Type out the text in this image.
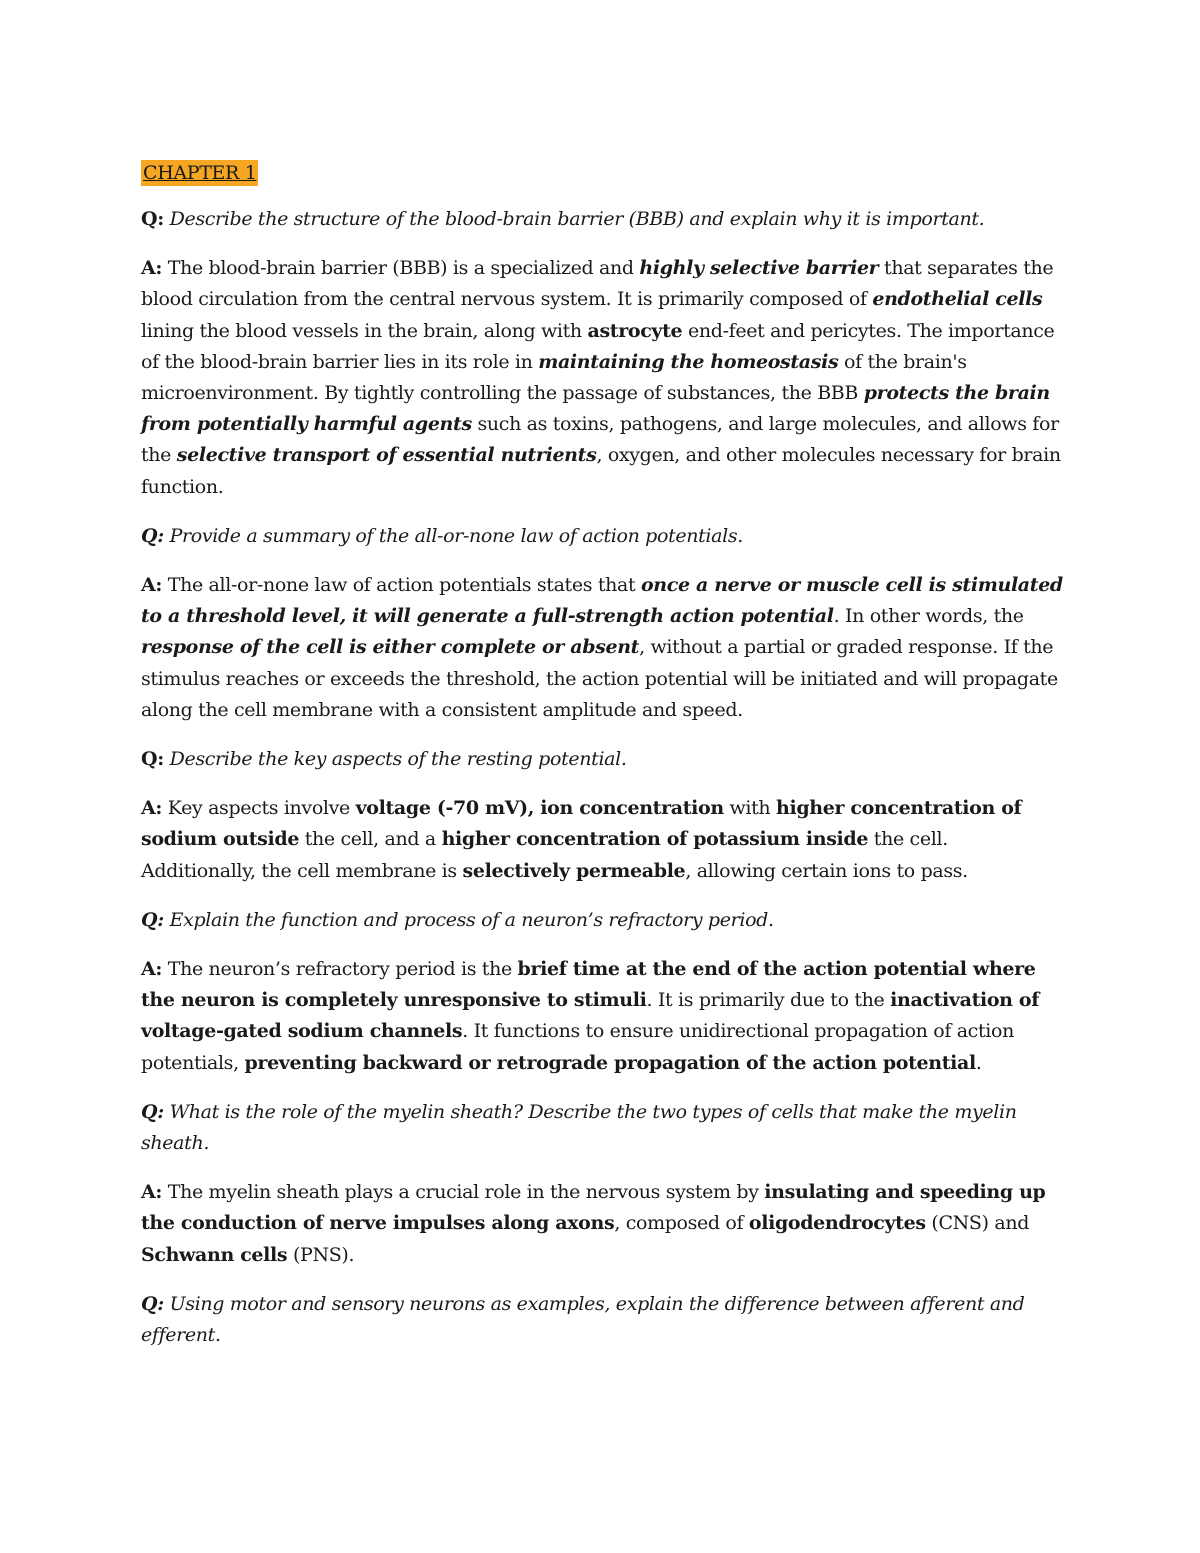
CHAPTER 1

Q: Describe the structure of the blood-brain barrier (BBB) and explain why it is important.

A: The blood-brain barrier (BBB) is a specialized and highly selective barrier that separates the blood circulation from the central nervous system. It is primarily composed of endothelial cells lining the blood vessels in the brain, along with astrocyte end-feet and pericytes. The importance of the blood-brain barrier lies in its role in maintaining the homeostasis of the brain's microenvironment. By tightly controlling the passage of substances, the BBB protects the brain from potentially harmful agents such as toxins, pathogens, and large molecules, and allows for the selective transport of essential nutrients, oxygen, and other molecules necessary for brain function.

Q: Provide a summary of the all-or-none law of action potentials.

A: The all-or-none law of action potentials states that once a nerve or muscle cell is stimulated to a threshold level, it will generate a full-strength action potential. In other words, the response of the cell is either complete or absent, without a partial or graded response. If the stimulus reaches or exceeds the threshold, the action potential will be initiated and will propagate along the cell membrane with a consistent amplitude and speed.

Q: Describe the key aspects of the resting potential.

A: Key aspects involve voltage (-70 mV), ion concentration with higher concentration of sodium outside the cell, and a higher concentration of potassium inside the cell. Additionally, the cell membrane is selectively permeable, allowing certain ions to pass.

Q: Explain the function and process of a neuron’s refractory period.

A: The neuron’s refractory period is the brief time at the end of the action potential where the neuron is completely unresponsive to stimuli. It is primarily due to the inactivation of voltage-gated sodium channels. It functions to ensure unidirectional propagation of action potentials, preventing backward or retrograde propagation of the action potential.

Q: What is the role of the myelin sheath? Describe the two types of cells that make the myelin sheath.

A: The myelin sheath plays a crucial role in the nervous system by insulating and speeding up the conduction of nerve impulses along axons, composed of oligodendrocytes (CNS) and Schwann cells (PNS).

Q: Using motor and sensory neurons as examples, explain the difference between afferent and efferent.
